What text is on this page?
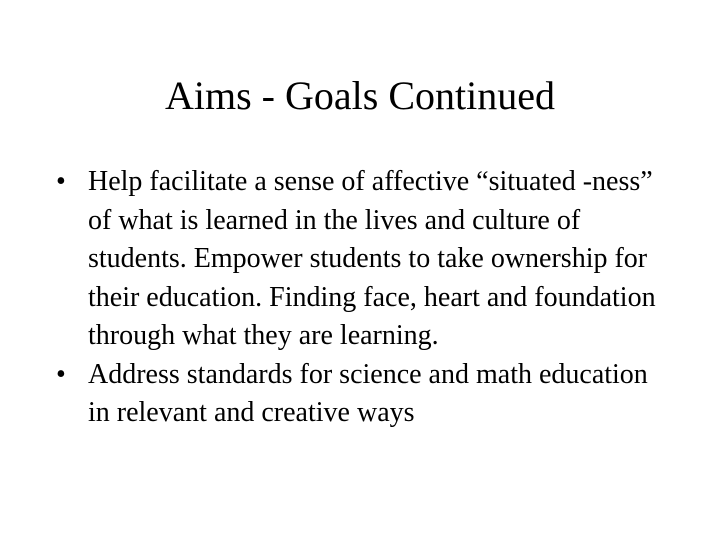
Aims - Goals Continued
• Help facilitate a sense of affective “situated -ness” of what is learned in the lives and culture of students. Empower students to take ownership for their education. Finding face, heart and foundation through what they are learning.
• Address standards for science and math education in relevant and creative ways
